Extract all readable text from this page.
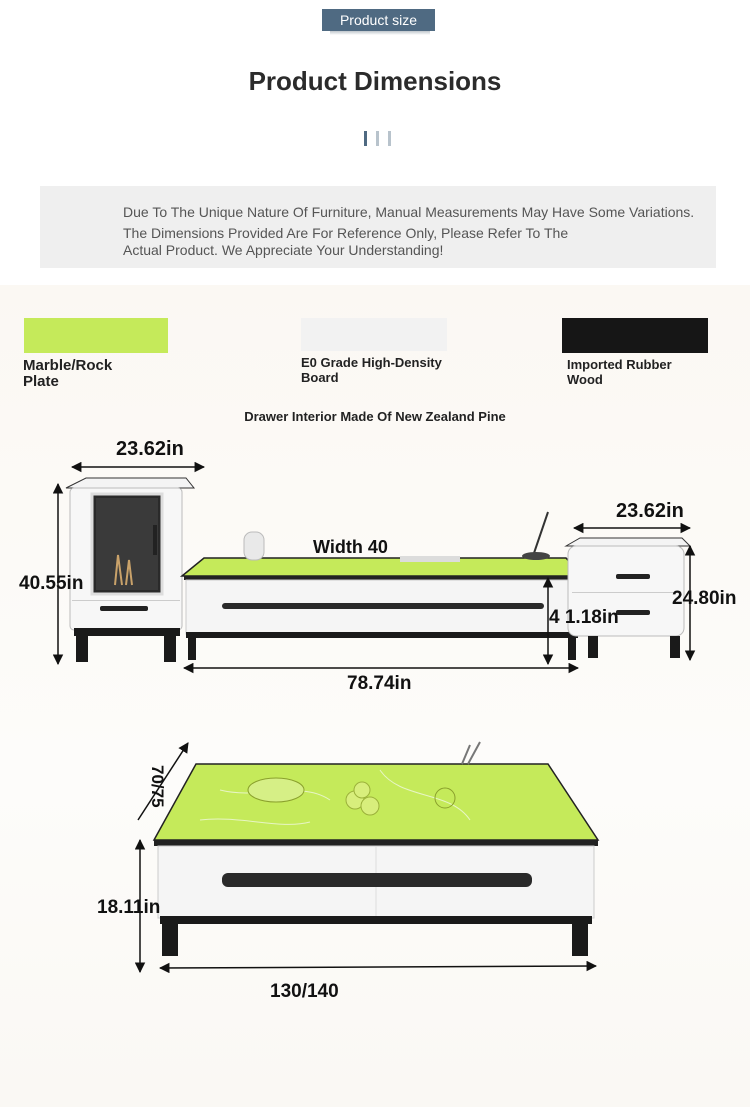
Product size
Product Dimensions
Due To The Unique Nature Of Furniture, Manual Measurements May Have Some Variations.
The Dimensions Provided Are For Reference Only, Please Refer To The
Actual Product. We Appreciate Your Understanding!
Marble/Rock
Plate
E0 Grade High-Density
Board
Imported Rubber
Wood
Drawer Interior Made Of New Zealand Pine
23.62in
40.55in
Width 40
4 1.18in
78.74in
23.62in
24.80in
70/75
18.11in
130/140
